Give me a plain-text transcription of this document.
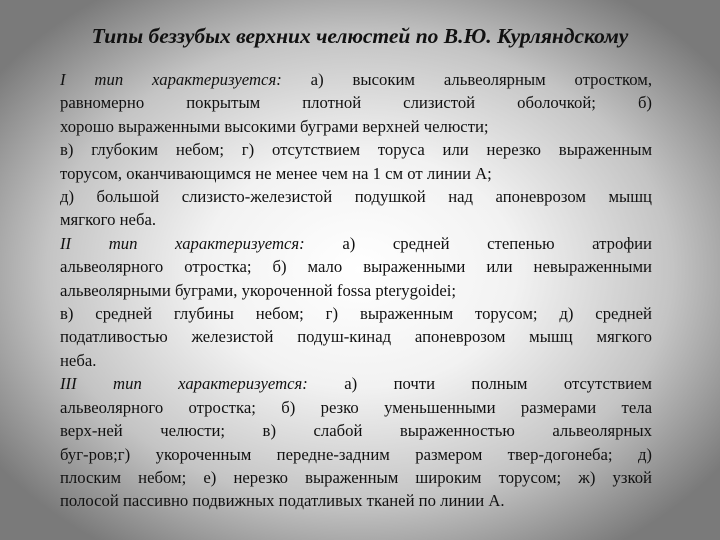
Типы беззубых верхних челюстей по В.Ю. Курляндскому
I тип характеризуется: а) высоким альвеолярным отростком,
равномерно покрытым плотной слизистой оболочкой; б)
хорошо выраженными высокими буграми верхней челюсти;
в) глубоким небом; г) отсутствием торуса или нерезко выраженным
торусом, оканчивающимся не менее чем на 1 см от линии А;
д) большой слизисто-железистой подушкой над апоневрозом мышц
мягкого неба.
II тип характеризуется: а) средней степенью атрофии
альвеолярного отростка; б) мало выраженными или невыраженными
альвеолярными буграми, укороченной fossa pterygoidei;
в) средней глубины небом; г) выраженным торусом; д) средней
податливостью железистой подуш-кинад апоневрозом мышц мягкого
неба.
III тип характеризуется: а) почти полным отсутствием
альвеолярного отростка; б) резко уменьшенными размерами тела
верх-ней челюсти; в) слабой выраженностью альвеолярных
буг-ров;г) укороченным передне-задним размером твер-догонеба; д)
плоским небом; е) нерезко выраженным широким торусом; ж) узкой
полосой пассивно подвижных податливых тканей по линии А.
